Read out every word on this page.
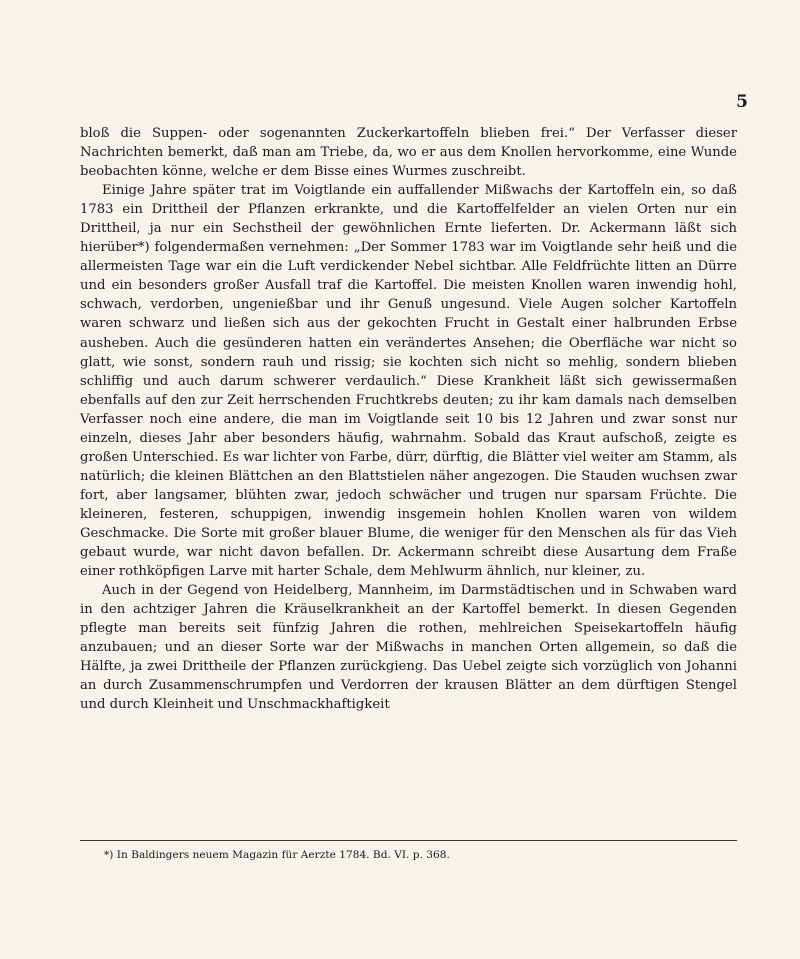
5

bloß die Suppen- oder sogenannten Zuckerkartoffeln blieben frei.“ Der Verfasser dieser Nachrichten bemerkt, daß man am Triebe, da, wo er aus dem Knollen hervorkomme, eine Wunde beobachten könne, welche er dem Bisse eines Wurmes zuschreibt.

Einige Jahre später trat im Voigtlande ein auffallender Mißwachs der Kartoffeln ein, so daß 1783 ein Drittheil der Pflanzen erkrankte, und die Kartoffelfelder an vielen Orten nur ein Drittheil, ja nur ein Sechstheil der gewöhnlichen Ernte lieferten. Dr. Ackermann läßt sich hierüber*) folgendermaßen vernehmen: „Der Sommer 1783 war im Voigtlande sehr heiß und die allermeisten Tage war ein die Luft verdickender Nebel sichtbar. Alle Feldfrüchte litten an Dürre und ein besonders großer Ausfall traf die Kartoffel. Die meisten Knollen waren inwendig hohl, schwach, verdorben, ungenießbar und ihr Genuß ungesund. Viele Augen solcher Kartoffeln waren schwarz und ließen sich aus der gekochten Frucht in Gestalt einer halbrunden Erbse ausheben. Auch die gesünderen hatten ein verändertes Ansehen; die Oberfläche war nicht so glatt, wie sonst, sondern rauh und rissig; sie kochten sich nicht so mehlig, sondern blieben schliffig und auch darum schwerer verdaulich.“ Diese Krankheit läßt sich gewissermaßen ebenfalls auf den zur Zeit herrschenden Fruchtkrebs deuten; zu ihr kam damals nach demselben Verfasser noch eine andere, die man im Voigtlande seit 10 bis 12 Jahren und zwar sonst nur einzeln, dieses Jahr aber besonders häufig, wahrnahm. Sobald das Kraut aufschoß, zeigte es großen Unterschied. Es war lichter von Farbe, dürr, dürftig, die Blätter viel weiter am Stamm, als natürlich; die kleinen Blättchen an den Blattstielen näher angezogen. Die Stauden wuchsen zwar fort, aber langsamer, blühten zwar, jedoch schwächer und trugen nur sparsam Früchte. Die kleineren, festeren, schuppigen, inwendig insgemein hohlen Knollen waren von wildem Geschmacke. Die Sorte mit großer blauer Blume, die weniger für den Menschen als für das Vieh gebaut wurde, war nicht davon befallen. Dr. Ackermann schreibt diese Ausartung dem Fraße einer rothköpfigen Larve mit harter Schale, dem Mehlwurm ähnlich, nur kleiner, zu.

Auch in der Gegend von Heidelberg, Mannheim, im Darmstädtischen und in Schwaben ward in den achtziger Jahren die Kräuselkrankheit an der Kartoffel bemerkt. In diesen Gegenden pflegte man bereits seit fünfzig Jahren die rothen, mehlreichen Speisekartoffeln häufig anzubauen; und an dieser Sorte war der Mißwachs in manchen Orten allgemein, so daß die Hälfte, ja zwei Drittheile der Pflanzen zurückgieng. Das Uebel zeigte sich vorzüglich von Johanni an durch Zusammenschrumpfen und Verdorren der krausen Blätter an dem dürftigen Stengel und durch Kleinheit und Unschmackhaftigkeit

*) In Baldingers neuem Magazin für Aerzte 1784. Bd. VI. p. 368.
